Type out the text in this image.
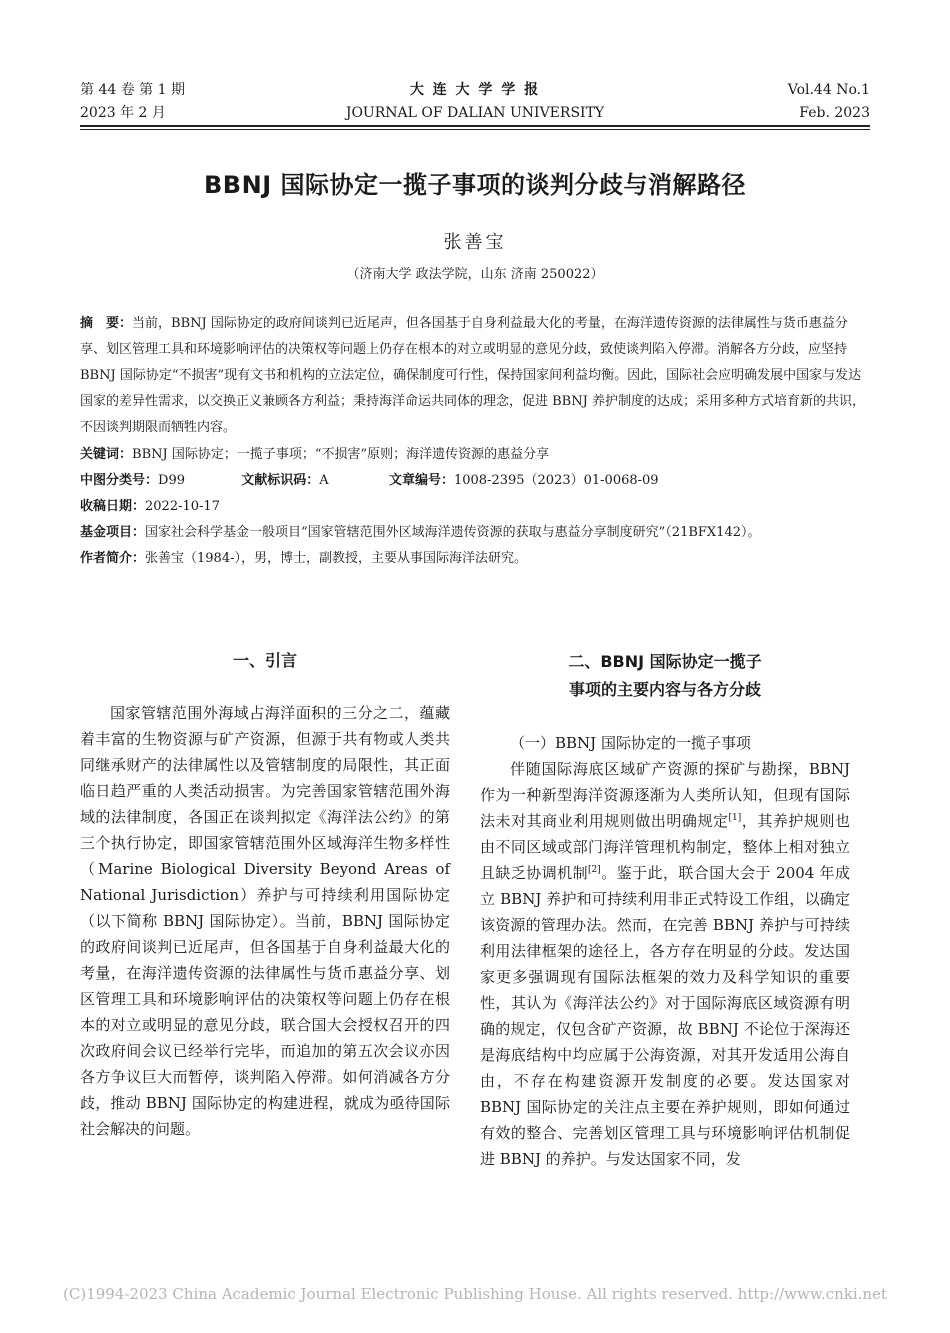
第 44 卷 第 1 期
2023 年 2 月
大 连 大 学 学 报
JOURNAL OF DALIAN UNIVERSITY
Vol.44 No.1
Feb. 2023
BBNJ 国际协定一揽子事项的谈判分歧与消解路径
张善宝
（济南大学 政法学院，山东 济南 250022）

摘　要：当前，BBNJ 国际协定的政府间谈判已近尾声，但各国基于自身利益最大化的考量，在海洋遗传资源的法律属性与货币惠益分享、划区管理工具和环境影响评估的决策权等问题上仍存在根本的对立或明显的意见分歧，致使谈判陷入停滞。消解各方分歧，应坚持 BBNJ 国际协定“不损害”现有文书和机构的立法定位，确保制度可行性，保持国家间利益均衡。因此，国际社会应明确发展中国家与发达国家的差异性需求，以交换正义兼顾各方利益；秉持海洋命运共同体的理念，促进 BBNJ 养护制度的达成；采用多种方式培育新的共识，不因谈判期限而牺牲内容。

关键词：BBNJ 国际协定；一揽子事项；“不损害”原则；海洋遗传资源的惠益分享

中图分类号：D99	文献标识码：A	文章编号：1008-2395（2023）01-0068-09

收稿日期：2022-10-17

基金项目：国家社会科学基金一般项目“国家管辖范围外区域海洋遗传资源的获取与惠益分享制度研究”（21BFX142）。

作者简介：张善宝（1984-），男，博士，副教授，主要从事国际海洋法研究。

一、引言

国家管辖范围外海域占海洋面积的三分之二，蕴藏着丰富的生物资源与矿产资源，但源于共有物或人类共同继承财产的法律属性以及管辖制度的局限性，其正面临日趋严重的人类活动损害。为完善国家管辖范围外海域的法律制度，各国正在谈判拟定《海洋法公约》的第三个执行协定，即国家管辖范围外区域海洋生物多样性（Marine Biological Diversity Beyond Areas of National Jurisdiction）养护与可持续利用国际协定（以下简称 BBNJ 国际协定）。当前，BBNJ 国际协定的政府间谈判已近尾声，但各国基于自身利益最大化的考量，在海洋遗传资源的法律属性与货币惠益分享、划区管理工具和环境影响评估的决策权等问题上仍存在根本的对立或明显的意见分歧，联合国大会授权召开的四次政府间会议已经举行完毕，而追加的第五次会议亦因各方争议巨大而暂停，谈判陷入停滞。如何消减各方分歧，推动 BBNJ 国际协定的构建进程，就成为亟待国际社会解决的问题。

二、BBNJ 国际协定一揽子
事项的主要内容与各方分歧

（一）BBNJ 国际协定的一揽子事项

伴随国际海底区域矿产资源的探矿与勘探，BBNJ 作为一种新型海洋资源逐渐为人类所认知，但现有国际法未对其商业利用规则做出明确规定[1]，其养护规则也由不同区域或部门海洋管理机构制定，整体上相对独立且缺乏协调机制[2]。鉴于此，联合国大会于 2004 年成立 BBNJ 养护和可持续利用非正式特设工作组，以确定该资源的管理办法。然而，在完善 BBNJ 养护与可持续利用法律框架的途径上，各方存在明显的分歧。发达国家更多强调现有国际法框架的效力及科学知识的重要性，其认为《海洋法公约》对于国际海底区域资源有明确的规定，仅包含矿产资源，故 BBNJ 不论位于深海还是海底结构中均应属于公海资源，对其开发适用公海自由，不存在构建资源开发制度的必要。发达国家对 BBNJ 国际协定的关注点主要在养护规则，即如何通过有效的整合、完善划区管理工具与环境影响评估机制促进 BBNJ 的养护。与发达国家不同，发

(C)1994-2023 China Academic Journal Electronic Publishing House. All rights reserved. http://www.cnki.net
